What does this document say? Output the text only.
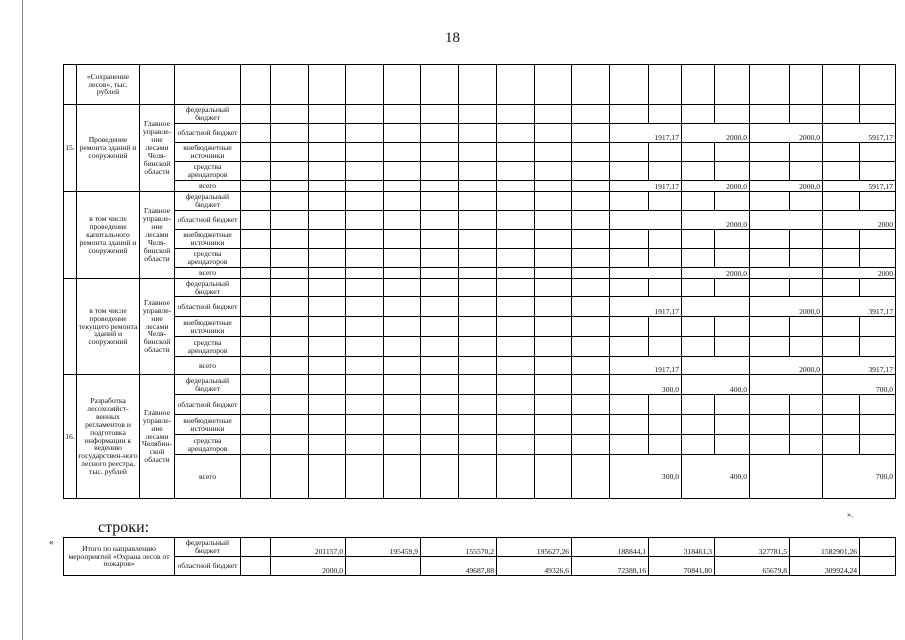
18
	«Сохранение лесов», тыс. рублей																				
15.	Проведение ремонта зданий и сооружений	Главное управле-ние лесами Челя-бинской области	федеральный бюджет																		
			областной бюджет											1917,17		2000,0		2000,0		5917,17	
			внебюджетные источники																		
			средства арендаторов																		
			всего											1917,17		2000,0		2000,0		5917,17	
	в том числе проведение капитального ремонта зданий и сооружений	Главное управле-ние лесами Челя-бинской области	федеральный бюджет																		
			областной бюджет													2000,0				2000	
			внебюджетные источники																		
			средства арендаторов																		
			всего													2000,0				2000	
	в том числе проведение текущего ремонта зданий и сооружений	Главное управле-ние лесами Челя-бинской области	федеральный бюджет																		
			областной бюджет											1917,17				2000,0		3917,17	
			внебюджетные источники																		
			средства арендаторов																		
			всего											1917,17				2000,0		3917,17	
16.	Разработка лесохозяйст-венных регламентов и подготовка информации к ведению государствен-ного лесного реестра, тыс. рублей	Главное управле-ние лесами Челябин-ской области	федеральный бюджет											300,0		400,0				700,0	
			областной бюджет																		
			внебюджетные источники																		
			средства арендаторов																		
			всего											300,0		400,0				700,0	
».
строки:
«
Итого по направлению мероприятий «Охрана лесов от пожаров»	федеральный бюджет		201157,0	195459,9	155570,2	195627,26	188844,1	318461,3	327781,5	1582901,26	
	областной бюджет		2000,0		49687,88	49326,6	72388,16	70841,80	65679,8	309924,24	
